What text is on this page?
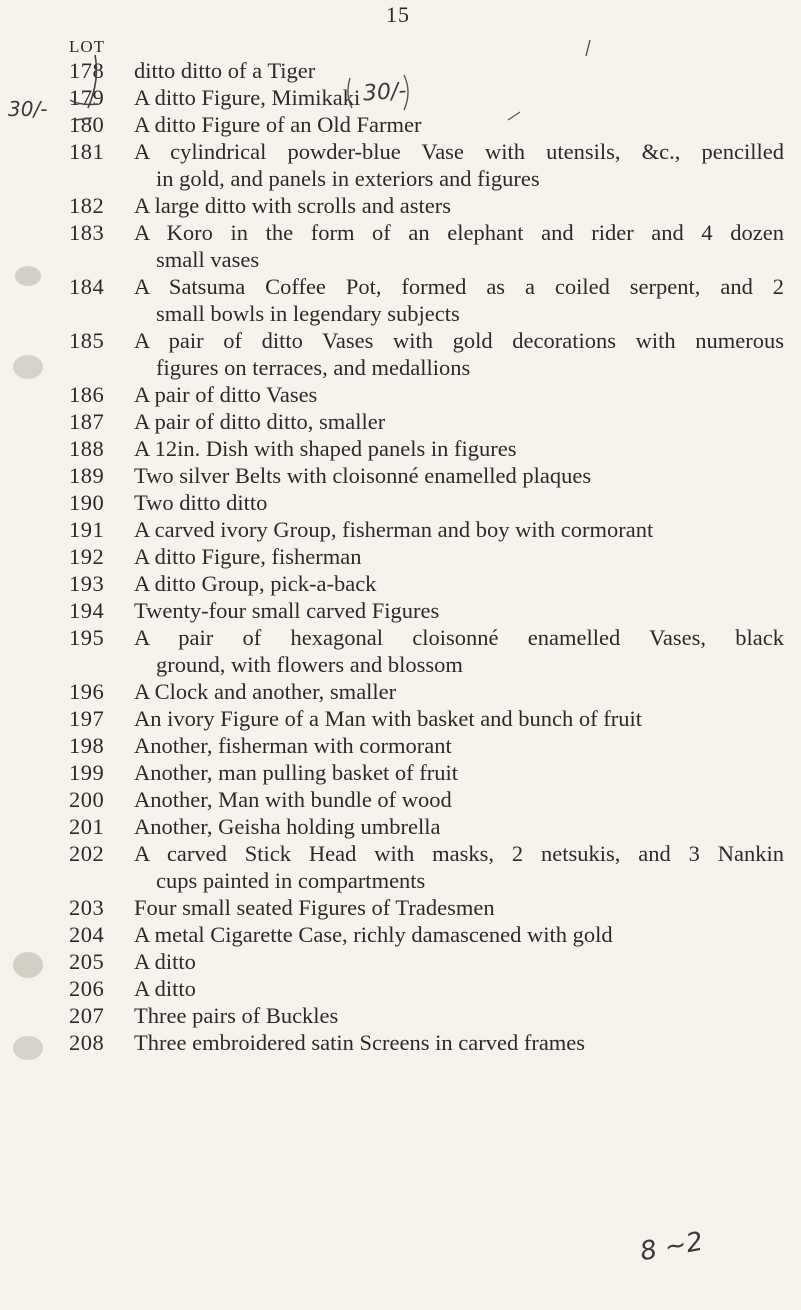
15
LOT
178	ditto ditto of a Tiger
179	A ditto Figure, Mimikaki
180	A ditto Figure of an Old Farmer
181	A cylindrical powder-blue Vase with utensils, &c., pencilled
in gold, and panels in exteriors and figures
182	A large ditto with scrolls and asters
183	A Koro in the form of an elephant and rider and 4 dozen
small vases
184	A Satsuma Coffee Pot, formed as a coiled serpent, and 2
small bowls in legendary subjects
185	A pair of ditto Vases with gold decorations with numerous
figures on terraces, and medallions
186	A pair of ditto Vases
187	A pair of ditto ditto, smaller
188	A 12in. Dish with shaped panels in figures
189	Two silver Belts with cloisonné enamelled plaques
190	Two ditto ditto
191	A carved ivory Group, fisherman and boy with cormorant
192	A ditto Figure, fisherman
193	A ditto Group, pick-a-back
194	Twenty-four small carved Figures
195	A pair of hexagonal cloisonné enamelled Vases, black
ground, with flowers and blossom
196	A Clock and another, smaller
197	An ivory Figure of a Man with basket and bunch of fruit
198	Another, fisherman with cormorant
199	Another, man pulling basket of fruit
200	Another, Man with bundle of wood
201	Another, Geisha holding umbrella
202	A carved Stick Head with masks, 2 netsukis, and 3 Nankin
cups painted in compartments
203	Four small seated Figures of Tradesmen
204	A metal Cigarette Case, richly damascened with gold
205	A ditto
206	A ditto
207	Three pairs of Buckles
208	Three embroidered satin Screens in carved frames
30/-
30/-
8 ~2
